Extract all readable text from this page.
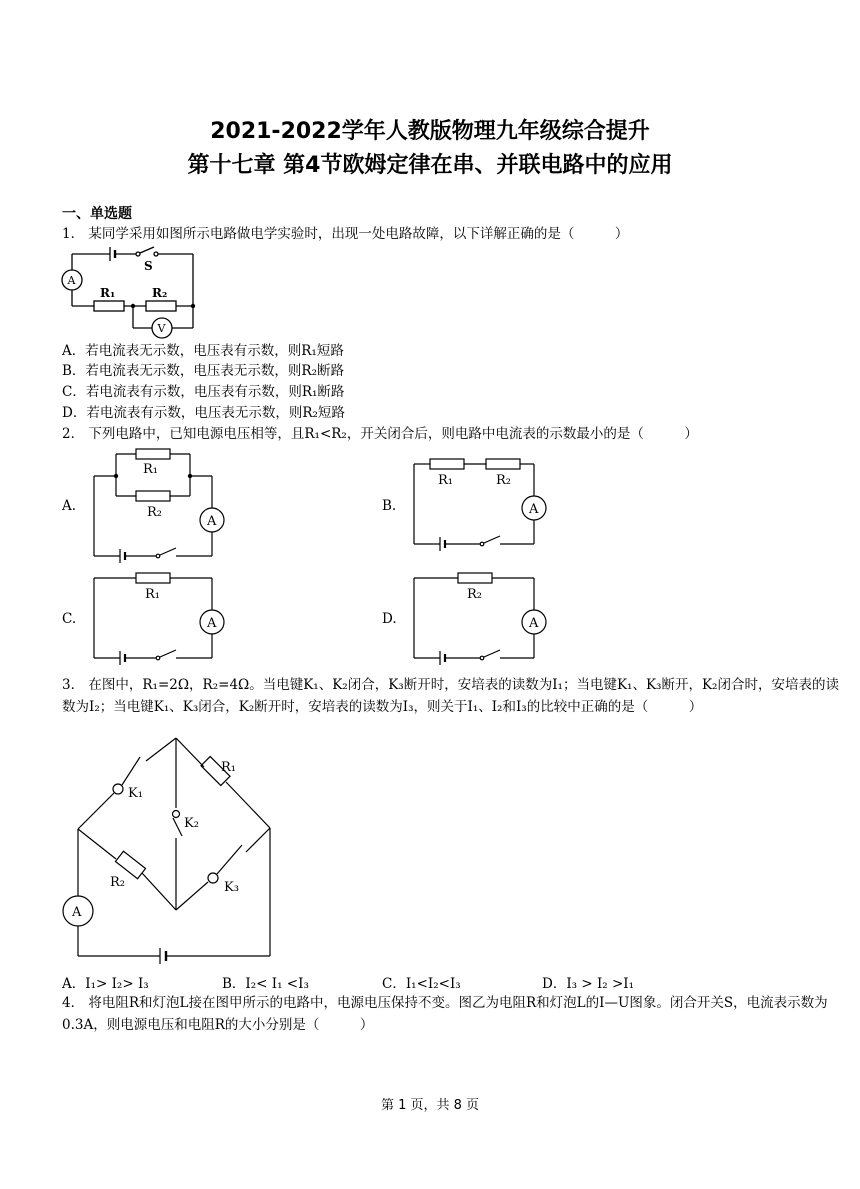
2021-2022学年人教版物理九年级综合提升
第十七章 第4节欧姆定律在串、并联电路中的应用
一、单选题
1． 某同学采用如图所示电路做电学实验时，出现一处电路故障，以下详解正确的是（　　　）
S
A
R₁	R₂
V
A．若电流表无示数，电压表有示数，则R₁短路
B．若电流表无示数，电压表无示数，则R₂断路
C．若电流表有示数，电压表有示数，则R₁断路
D．若电流表有示数，电压表无示数，则R₂短路
2． 下列电路中，已知电源电压相等，且R₁<R₂，开关闭合后，则电路中电流表的示数最小的是（　　　）
A.
R₁
R₂
A
B.
R₁	R₂
A
C.
R₁
A	D.
R₂
A
3． 在图中，R₁=2Ω，R₂=4Ω。当电键K₁、K₂闭合，K₃断开时，安培表的读数为I₁；当电键K₁、K₃断开，K₂闭合时，安培表的读数为I₂；当电键K₁、K₃闭合，K₂断开时，安培表的读数为I₃，则关于I₁、I₂和I₃的比较中正确的是（　　　）
K₁
K₂
K₃
R₁
R₂
A
A．I₁> I₂> I₃	B．I₂< I₁ <I₃	C．I₁<I₂<I₃	D．I₃ > I₂ >I₁
4． 将电阻R和灯泡L接在图甲所示的电路中，电源电压保持不变。图乙为电阻R和灯泡L的I—U图象。闭合开关S，电流表示数为0.3A，则电源电压和电阻R的大小分别是（　　　）
第 1 页，共 8 页
